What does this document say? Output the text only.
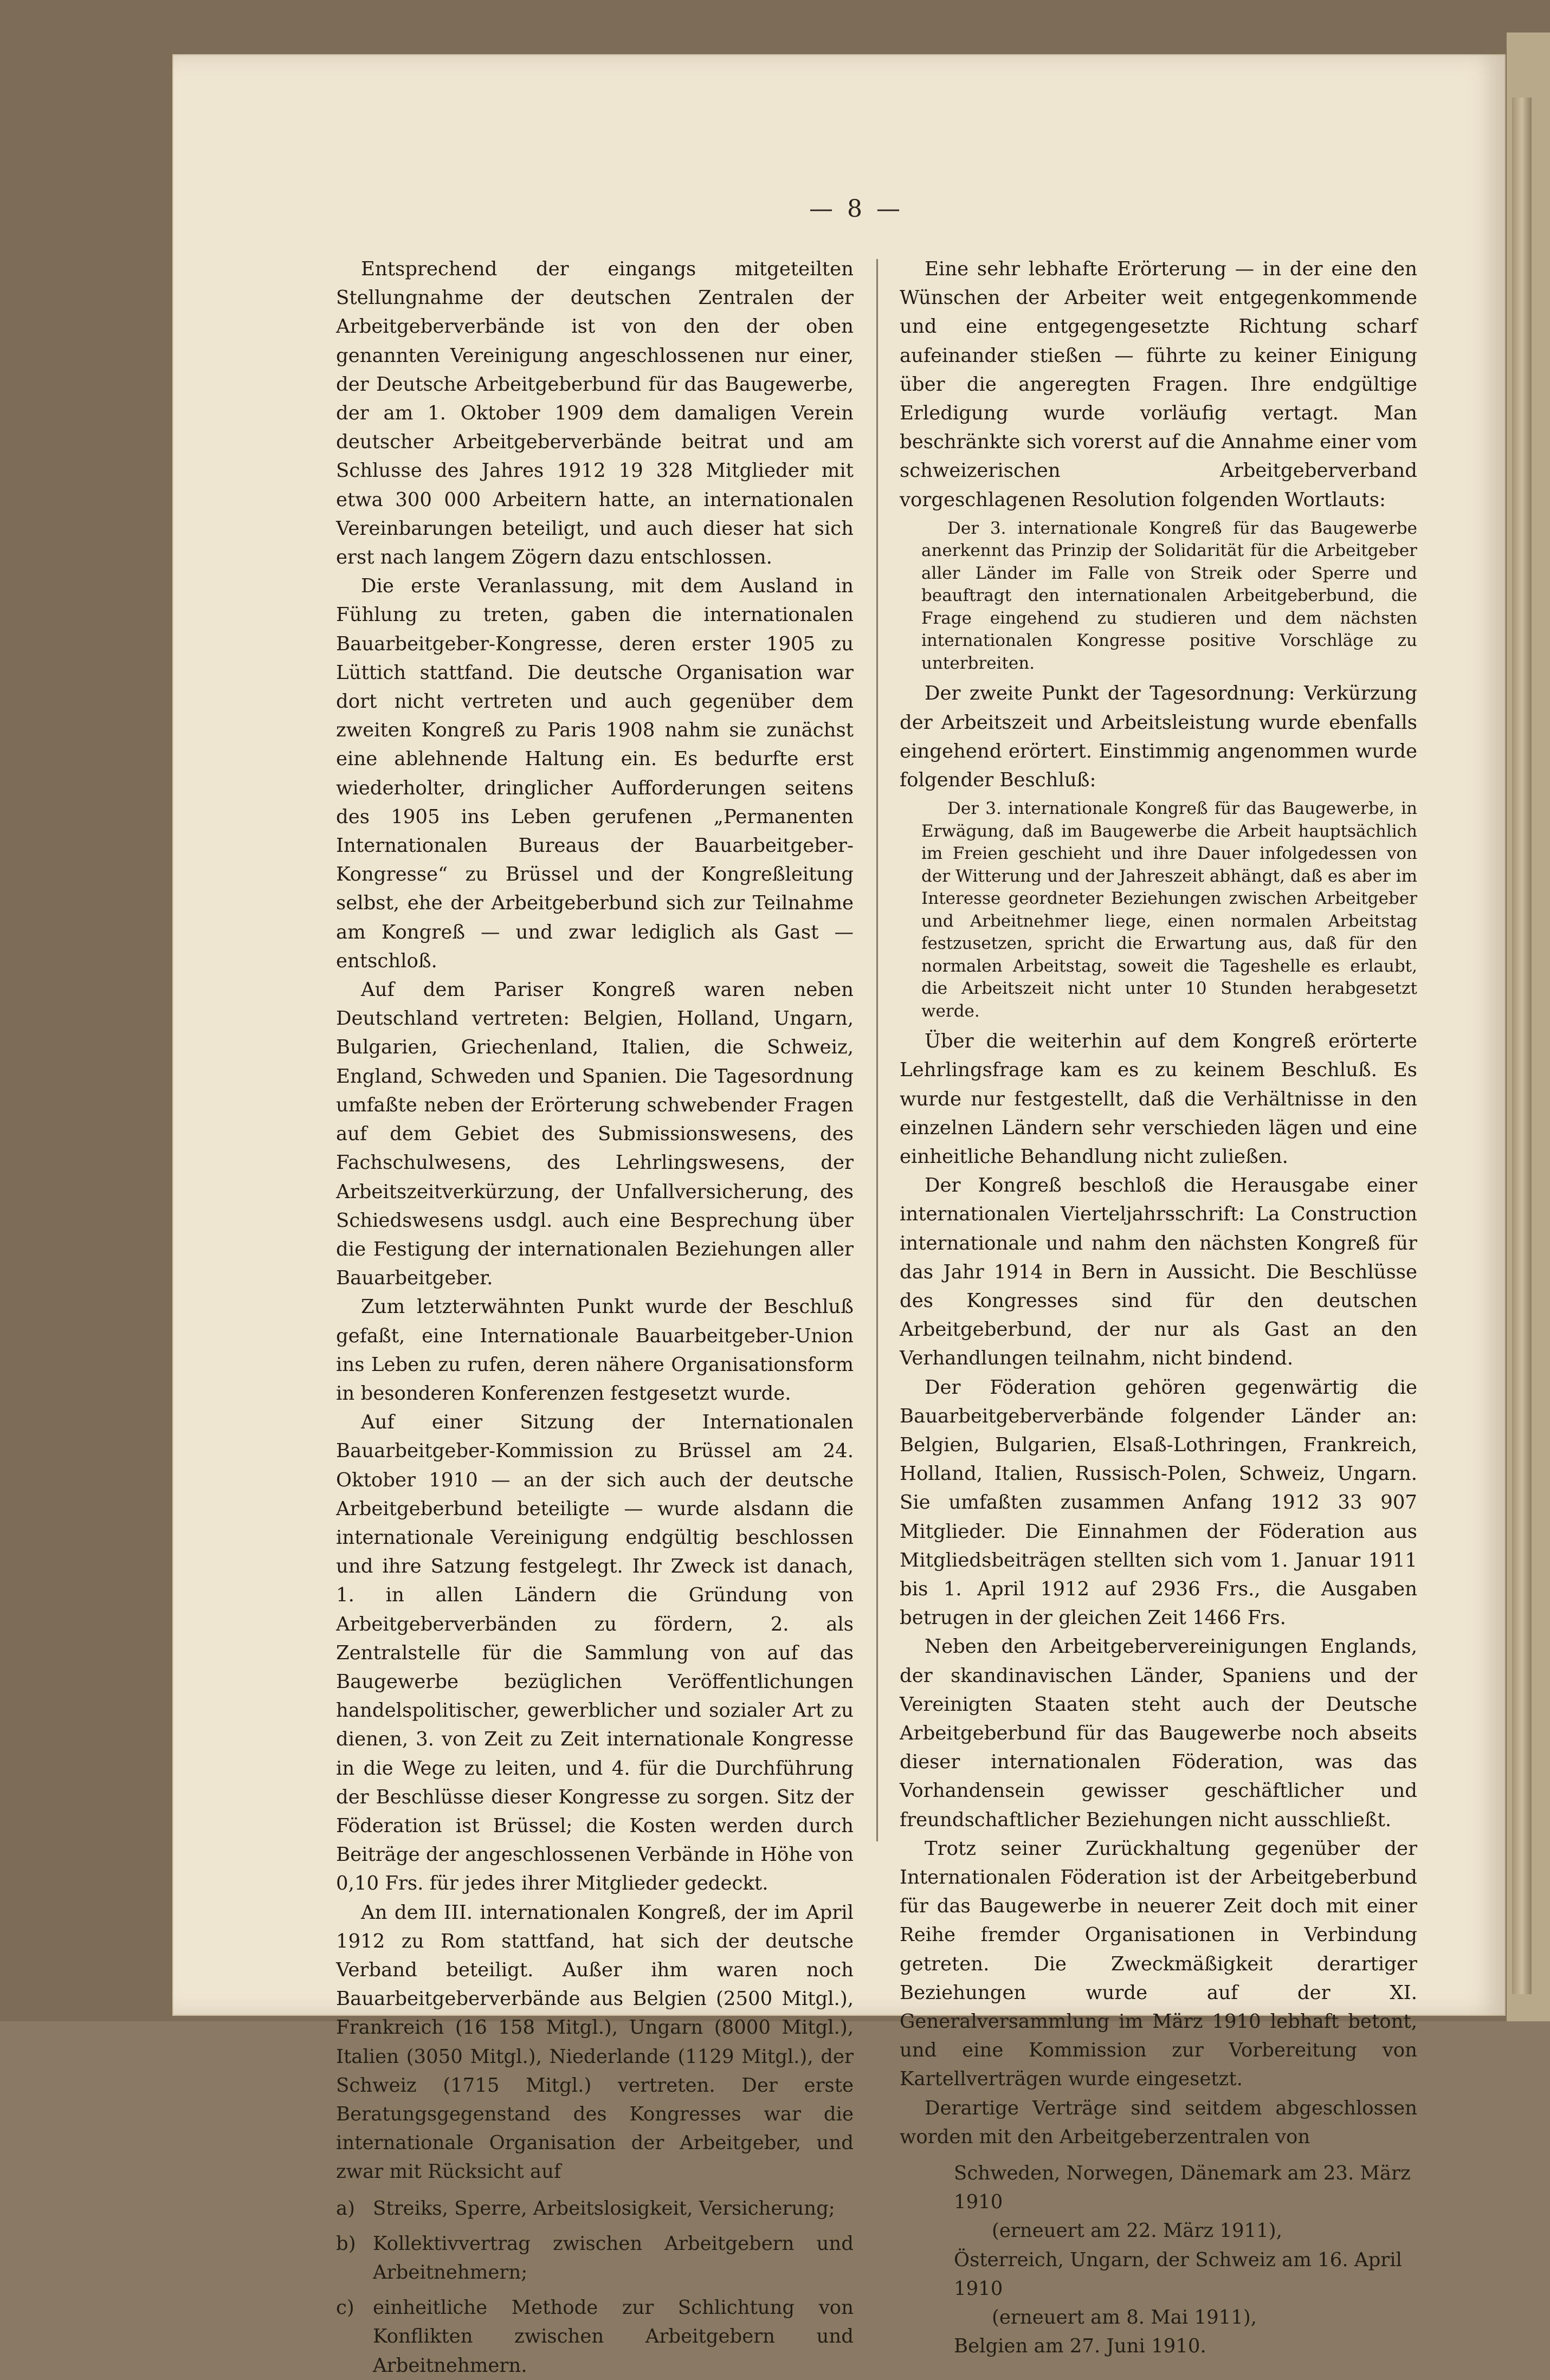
— 8 —

Entsprechend der eingangs mitgeteilten Stellungnahme der deutschen Zentralen der Arbeitgeberverbände ist von den der oben genannten Vereinigung angeschlossenen nur einer, der Deutsche Arbeitgeberbund für das Baugewerbe, der am 1. Oktober 1909 dem damaligen Verein deutscher Arbeitgeberverbände beitrat und am Schlusse des Jahres 1912 19 328 Mitglieder mit etwa 300 000 Arbeitern hatte, an internationalen Vereinbarungen beteiligt, und auch dieser hat sich erst nach langem Zögern dazu entschlossen.

Die erste Veranlassung, mit dem Ausland in Fühlung zu treten, gaben die internationalen Bauarbeitgeber-Kongresse, deren erster 1905 zu Lüttich stattfand. Die deutsche Organisation war dort nicht vertreten und auch gegenüber dem zweiten Kongreß zu Paris 1908 nahm sie zunächst eine ablehnende Haltung ein. Es bedurfte erst wiederholter, dringlicher Aufforderungen seitens des 1905 ins Leben gerufenen „Permanenten Internationalen Bureaus der Bauarbeitgeber-Kongresse“ zu Brüssel und der Kongreßleitung selbst, ehe der Arbeitgeberbund sich zur Teilnahme am Kongreß — und zwar lediglich als Gast — entschloß.

Auf dem Pariser Kongreß waren neben Deutschland vertreten: Belgien, Holland, Ungarn, Bulgarien, Griechenland, Italien, die Schweiz, England, Schweden und Spanien. Die Tagesordnung umfaßte neben der Erörterung schwebender Fragen auf dem Gebiet des Submissionswesens, des Fachschulwesens, des Lehrlingswesens, der Arbeitszeitverkürzung, der Unfallversicherung, des Schiedswesens usdgl. auch eine Besprechung über die Festigung der internationalen Beziehungen aller Bauarbeitgeber.

Zum letzterwähnten Punkt wurde der Beschluß gefaßt, eine Internationale Bauarbeitgeber-Union ins Leben zu rufen, deren nähere Organisationsform in besonderen Konferenzen festgesetzt wurde.

Auf einer Sitzung der Internationalen Bauarbeitgeber-Kommission zu Brüssel am 24. Oktober 1910 — an der sich auch der deutsche Arbeitgeberbund beteiligte — wurde alsdann die internationale Vereinigung endgültig beschlossen und ihre Satzung festgelegt. Ihr Zweck ist danach, 1. in allen Ländern die Gründung von Arbeitgeberverbänden zu fördern, 2. als Zentralstelle für die Sammlung von auf das Baugewerbe bezüglichen Veröffentlichungen handelspolitischer, gewerblicher und sozialer Art zu dienen, 3. von Zeit zu Zeit internationale Kongresse in die Wege zu leiten, und 4. für die Durchführung der Beschlüsse dieser Kongresse zu sorgen. Sitz der Föderation ist Brüssel; die Kosten werden durch Beiträge der angeschlossenen Verbände in Höhe von 0,10 Frs. für jedes ihrer Mitglieder gedeckt.

An dem III. internationalen Kongreß, der im April 1912 zu Rom stattfand, hat sich der deutsche Verband beteiligt. Außer ihm waren noch Bauarbeitgeberverbände aus Belgien (2500 Mitgl.), Frankreich (16 158 Mitgl.), Ungarn (8000 Mitgl.), Italien (3050 Mitgl.), Niederlande (1129 Mitgl.), der Schweiz (1715 Mitgl.) vertreten. Der erste Beratungsgegenstand des Kongresses war die internationale Organisation der Arbeitgeber, und zwar mit Rücksicht auf

a) Streiks, Sperre, Arbeitslosigkeit, Versicherung;
b) Kollektivvertrag zwischen Arbeitgebern und Arbeitnehmern;
c) einheitliche Methode zur Schlichtung von Konflikten zwischen Arbeitgebern und Arbeitnehmern.

Eine sehr lebhafte Erörterung — in der eine den Wünschen der Arbeiter weit entgegenkommende und eine entgegengesetzte Richtung scharf aufeinander stießen — führte zu keiner Einigung über die angeregten Fragen. Ihre endgültige Erledigung wurde vorläufig vertagt. Man beschränkte sich vorerst auf die Annahme einer vom schweizerischen Arbeitgeberverband vorgeschlagenen Resolution folgenden Wortlauts:

Der 3. internationale Kongreß für das Baugewerbe anerkennt das Prinzip der Solidarität für die Arbeitgeber aller Länder im Falle von Streik oder Sperre und beauftragt den internationalen Arbeitgeberbund, die Frage eingehend zu studieren und dem nächsten internationalen Kongresse positive Vorschläge zu unterbreiten.

Der zweite Punkt der Tagesordnung: Verkürzung der Arbeitszeit und Arbeitsleistung wurde ebenfalls eingehend erörtert. Einstimmig angenommen wurde folgender Beschluß:

Der 3. internationale Kongreß für das Baugewerbe, in Erwägung, daß im Baugewerbe die Arbeit hauptsächlich im Freien geschieht und ihre Dauer infolgedessen von der Witterung und der Jahreszeit abhängt, daß es aber im Interesse geordneter Beziehungen zwischen Arbeitgeber und Arbeitnehmer liege, einen normalen Arbeitstag festzusetzen, spricht die Erwartung aus, daß für den normalen Arbeitstag, soweit die Tageshelle es erlaubt, die Arbeitszeit nicht unter 10 Stunden herabgesetzt werde.

Über die weiterhin auf dem Kongreß erörterte Lehrlingsfrage kam es zu keinem Beschluß. Es wurde nur festgestellt, daß die Verhältnisse in den einzelnen Ländern sehr verschieden lägen und eine einheitliche Behandlung nicht zuließen.

Der Kongreß beschloß die Herausgabe einer internationalen Vierteljahrsschrift: La Construction internationale und nahm den nächsten Kongreß für das Jahr 1914 in Bern in Aussicht. Die Beschlüsse des Kongresses sind für den deutschen Arbeitgeberbund, der nur als Gast an den Verhandlungen teilnahm, nicht bindend.

Der Föderation gehören gegenwärtig die Bauarbeitgeberverbände folgender Länder an: Belgien, Bulgarien, Elsaß-Lothringen, Frankreich, Holland, Italien, Russisch-Polen, Schweiz, Ungarn. Sie umfaßten zusammen Anfang 1912 33 907 Mitglieder. Die Einnahmen der Föderation aus Mitgliedsbeiträgen stellten sich vom 1. Januar 1911 bis 1. April 1912 auf 2936 Frs., die Ausgaben betrugen in der gleichen Zeit 1466 Frs.

Neben den Arbeitgebervereinigungen Englands, der skandinavischen Länder, Spaniens und der Vereinigten Staaten steht auch der Deutsche Arbeitgeberbund für das Baugewerbe noch abseits dieser internationalen Föderation, was das Vorhandensein gewisser geschäftlicher und freundschaftlicher Beziehungen nicht ausschließt.

Trotz seiner Zurückhaltung gegenüber der Internationalen Föderation ist der Arbeitgeberbund für das Baugewerbe in neuerer Zeit doch mit einer Reihe fremder Organisationen in Verbindung getreten. Die Zweckmäßigkeit derartiger Beziehungen wurde auf der XI. Generalversammlung im März 1910 lebhaft betont, und eine Kommission zur Vorbereitung von Kartellverträgen wurde eingesetzt.

Derartige Verträge sind seitdem abgeschlossen worden mit den Arbeitgeberzentralen von

Schweden, Norwegen, Dänemark am 23. März 1910

(erneuert am 22. März 1911),

Österreich, Ungarn, der Schweiz am 16. April 1910

(erneuert am 8. Mai 1911),

Belgien am 27. Juni 1910.
